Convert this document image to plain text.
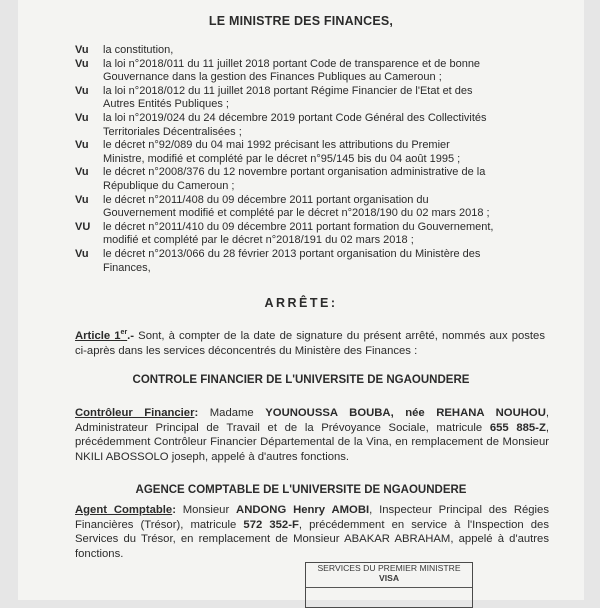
LE MINISTRE DES FINANCES,
Vu la constitution,
Vu la loi n°2018/011 du 11 juillet 2018 portant Code de transparence et de bonne
Gouvernance dans la gestion des Finances Publiques au Cameroun ;
Vu la loi n°2018/012 du 11 juillet 2018 portant Régime Financier de l'Etat et des
Autres Entités Publiques ;
Vu la loi n°2019/024 du 24 décembre 2019 portant Code Général des Collectivités
Territoriales Décentralisées ;
Vu le décret n°92/089 du 04 mai 1992 précisant les attributions du Premier
Ministre, modifié et complété par le décret n°95/145 bis du 04 août 1995 ;
Vu le décret n°2008/376 du 12 novembre portant organisation administrative de la
République du Cameroun ;
Vu le décret n°2011/408 du 09 décembre 2011 portant organisation du
Gouvernement modifié et complété par le décret n°2018/190 du 02 mars 2018 ;
VU le décret n°2011/410 du 09 décembre 2011 portant formation du Gouvernement,
modifié et complété par le décret n°2018/191 du 02 mars 2018 ;
Vu le décret n°2013/066 du 28 février 2013 portant organisation du Ministère des
Finances,
ARRÊTE:
Article 1er.- Sont, à compter de la date de signature du présent arrêté, nommés aux postes ci-après dans les services déconcentrés du Ministère des Finances :
CONTROLE FINANCIER DE L'UNIVERSITE DE NGAOUNDERE
Contrôleur Financier: Madame YOUNOUSSA BOUBA, née REHANA NOUHOU, Administrateur Principal de Travail et de la Prévoyance Sociale, matricule 655 885-Z, précédemment Contrôleur Financier Départemental de la Vina, en remplacement de Monsieur NKILI ABOSSOLO joseph, appelé à d'autres fonctions.
AGENCE COMPTABLE DE L'UNIVERSITE DE NGAOUNDERE
Agent Comptable: Monsieur ANDONG Henry AMOBI, Inspecteur Principal des Régies Financières (Trésor), matricule 572 352-F, précédemment en service à l'Inspection des Services du Trésor, en remplacement de Monsieur ABAKAR ABRAHAM, appelé à d'autres fonctions.
SERVICES DU PREMIER MINISTRE
VISA
